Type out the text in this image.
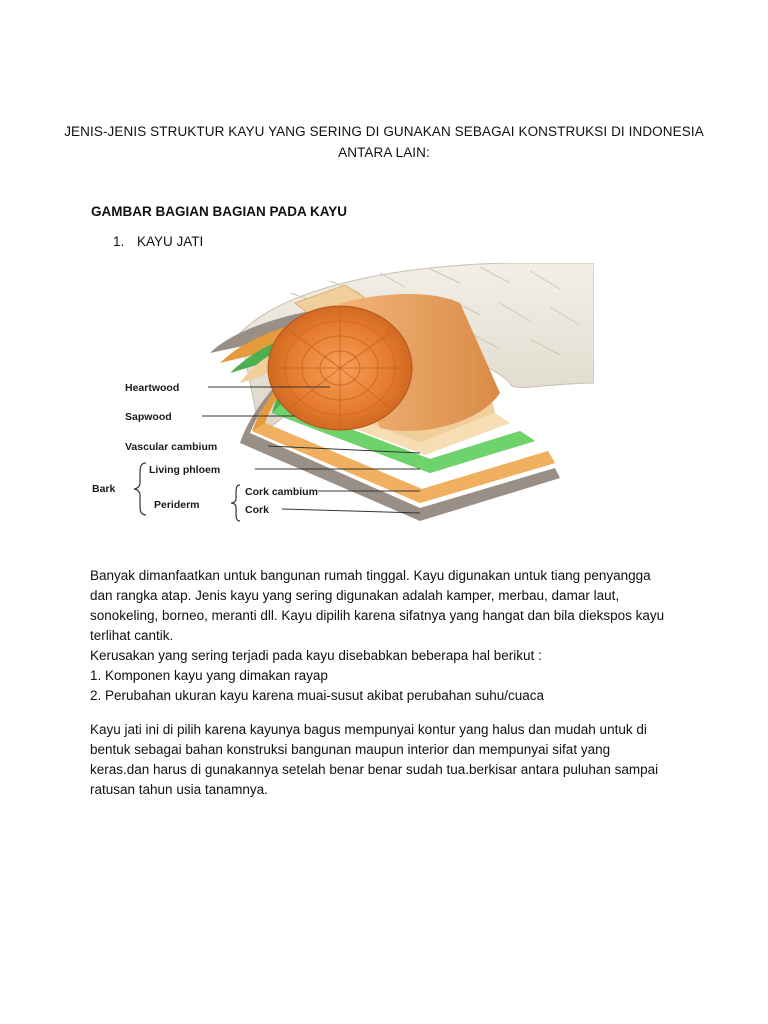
JENIS-JENIS STRUKTUR KAYU YANG SERING DI GUNAKAN SEBAGAI KONSTRUKSI DI INDONESIA
ANTARA LAIN:
GAMBAR BAGIAN BAGIAN PADA KAYU
1. KAYU JATI
Heartwood
Sapwood
Vascular cambium
Living phloem
Bark
Periderm
Cork cambium
Cork

Banyak dimanfaatkan untuk bangunan rumah tinggal. Kayu digunakan untuk tiang penyangga

dan rangka atap. Jenis kayu yang sering digunakan adalah kamper, merbau, damar laut,

sonokeling, borneo, meranti dll. Kayu dipilih karena sifatnya yang hangat dan bila diekspos kayu

terlihat cantik.

Kerusakan yang sering terjadi pada kayu disebabkan beberapa hal berikut :

1. Komponen kayu yang dimakan rayap

2. Perubahan ukuran kayu karena muai-susut akibat perubahan suhu/cuaca

Kayu jati ini di pilih karena kayunya bagus mempunyai kontur yang halus dan mudah untuk di

bentuk sebagai bahan konstruksi bangunan maupun interior dan mempunyai sifat yang

keras.dan harus di gunakannya setelah benar benar sudah tua.berkisar antara puluhan sampai

ratusan tahun usia tanamnya.
